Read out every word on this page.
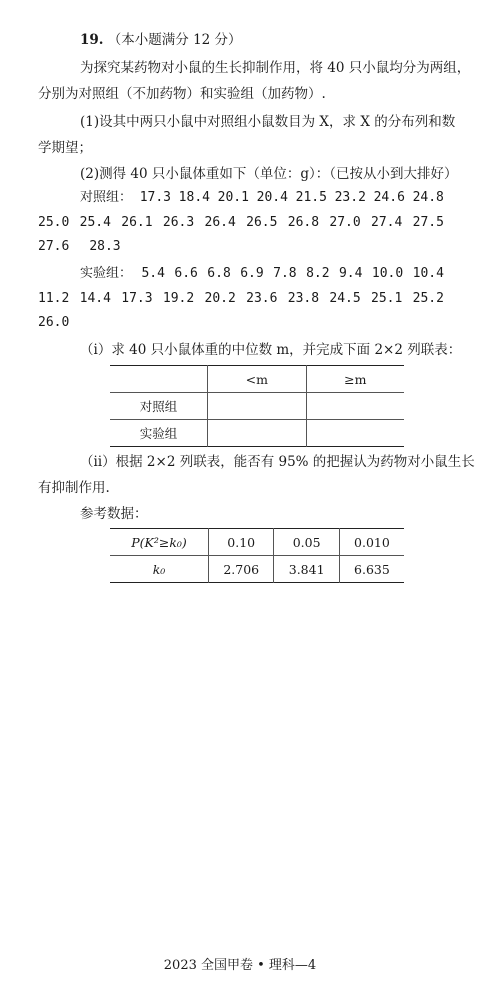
19. （本小题满分 12 分）
为探究某药物对小鼠的生长抑制作用，将 40 只小鼠均分为两组，
分别为对照组（不加药物）和实验组（加药物）.
(1)设其中两只小鼠中对照组小鼠数目为 X，求 X 的分布列和数
学期望；
(2)测得 40 只小鼠体重如下（单位：g）：（已按从小到大排好）
对照组： 17.3 18.4 20.1 20.4 21.5 23.2 24.6 24.8
25.0 25.4 26.1 26.3 26.4 26.5 26.8 27.0 27.4 27.5
27.6 28.3
实验组： 5.4 6.6 6.8 6.9 7.8 8.2 9.4 10.0 10.4
11.2 14.4 17.3 19.2 20.2 23.6 23.8 24.5 25.1 25.2
26.0
（ⅰ）求 40 只小鼠体重的中位数 m，并完成下面 2×2 列联表：
	<m	≥m
对照组		
实验组		
（ⅱ）根据 2×2 列联表，能否有 95% 的把握认为药物对小鼠生长
有抑制作用.
参考数据：
P(K²≥k₀)	0.10	0.05	0.010
k₀	2.706	3.841	6.635
2023 全国甲卷 • 理科—4
